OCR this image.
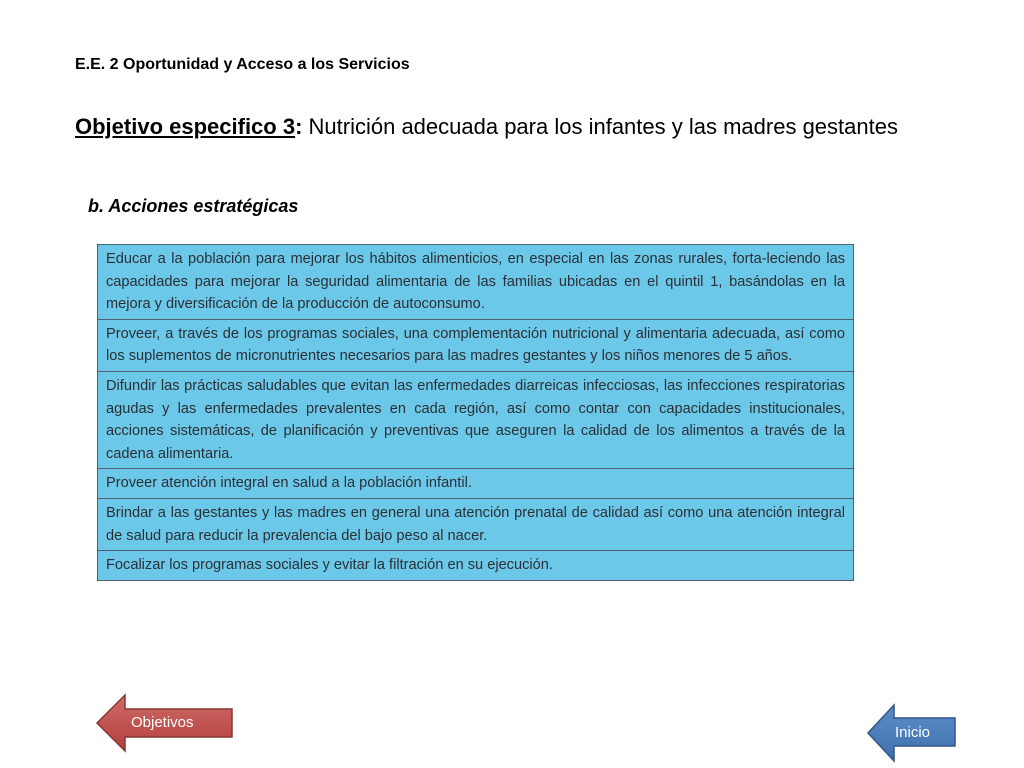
E.E. 2 Oportunidad y Acceso a los Servicios
Objetivo especifico 3: Nutrición adecuada para los infantes y las madres gestantes
b. Acciones estratégicas
Educar a la población para mejorar los hábitos alimenticios, en especial en las zonas rurales, forta-leciendo las capacidades para mejorar la seguridad alimentaria de las familias ubicadas en el quintil 1, basándolas en la mejora y diversificación de la producción de autoconsumo.
Proveer, a través de los programas sociales, una complementación nutricional y alimentaria adecuada, así como los suplementos de micronutrientes necesarios para las madres gestantes y los niños menores de 5 años.
Difundir las prácticas saludables que evitan las enfermedades diarreicas infecciosas, las infecciones respiratorias agudas y las enfermedades prevalentes en cada región, así como contar con capacidades institucionales, acciones sistemáticas, de planificación y preventivas que aseguren la calidad de los alimentos a través de la cadena alimentaria.
Proveer atención integral en salud a la población infantil.
Brindar a las gestantes y las madres en general una atención prenatal de calidad así como una atención integral de salud para reducir la prevalencia del bajo peso al nacer.
Focalizar los programas sociales y evitar la filtración en su ejecución.
Objetivos
Inicio
